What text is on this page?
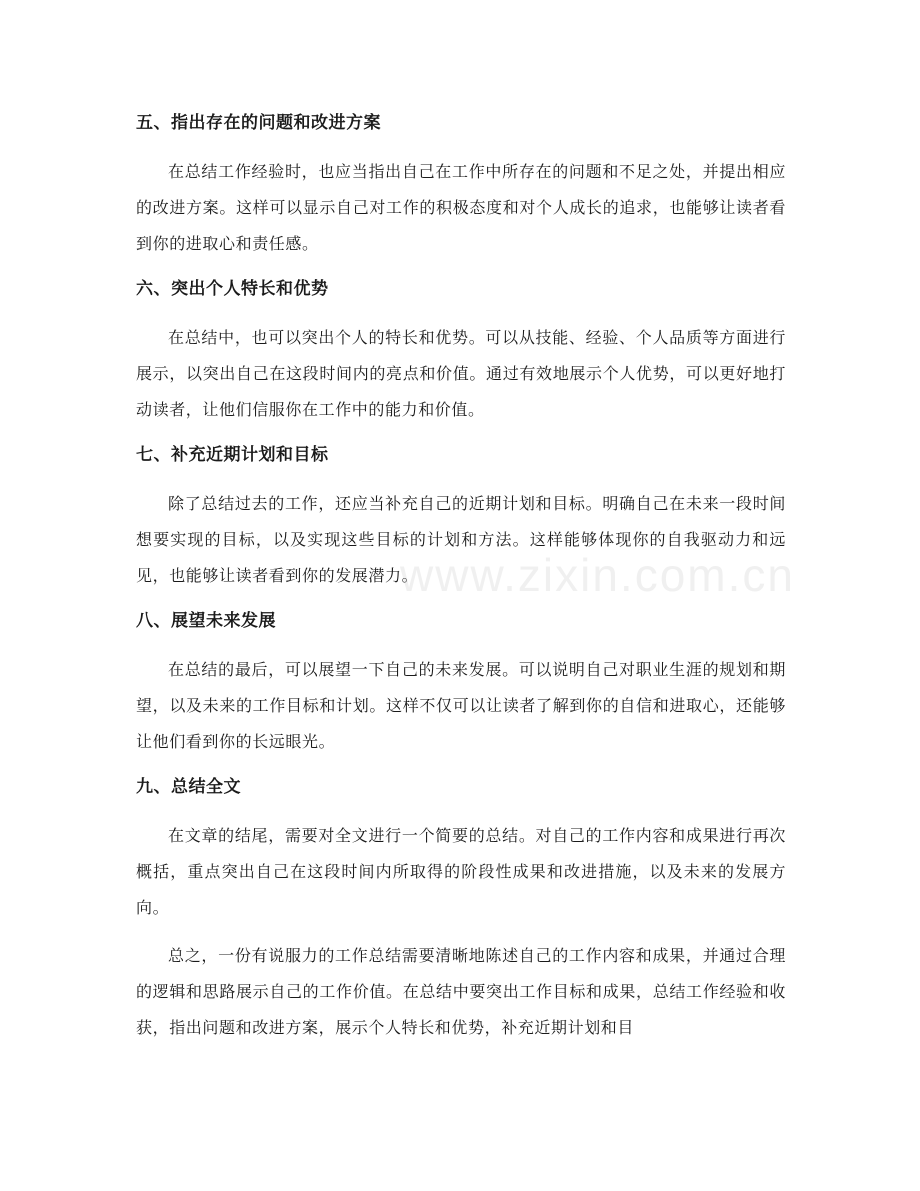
五、指出存在的问题和改进方案

在总结工作经验时，也应当指出自己在工作中所存在的问题和不足之处，并提出相应的改进方案。这样可以显示自己对工作的积极态度和对个人成长的追求，也能够让读者看到你的进取心和责任感。

六、突出个人特长和优势

在总结中，也可以突出个人的特长和优势。可以从技能、经验、个人品质等方面进行展示，以突出自己在这段时间内的亮点和价值。通过有效地展示个人优势，可以更好地打动读者，让他们信服你在工作中的能力和价值。

七、补充近期计划和目标

除了总结过去的工作，还应当补充自己的近期计划和目标。明确自己在未来一段时间想要实现的目标，以及实现这些目标的计划和方法。这样能够体现你的自我驱动力和远见，也能够让读者看到你的发展潜力。

八、展望未来发展

在总结的最后，可以展望一下自己的未来发展。可以说明自己对职业生涯的规划和期望，以及未来的工作目标和计划。这样不仅可以让读者了解到你的自信和进取心，还能够让他们看到你的长远眼光。

九、总结全文

在文章的结尾，需要对全文进行一个简要的总结。对自己的工作内容和成果进行再次概括，重点突出自己在这段时间内所取得的阶段性成果和改进措施，以及未来的发展方向。

总之，一份有说服力的工作总结需要清晰地陈述自己的工作内容和成果，并通过合理的逻辑和思路展示自己的工作价值。在总结中要突出工作目标和成果，总结工作经验和收获，指出问题和改进方案，展示个人特长和优势，补充近期计划和目

www.zixin.com.cn
